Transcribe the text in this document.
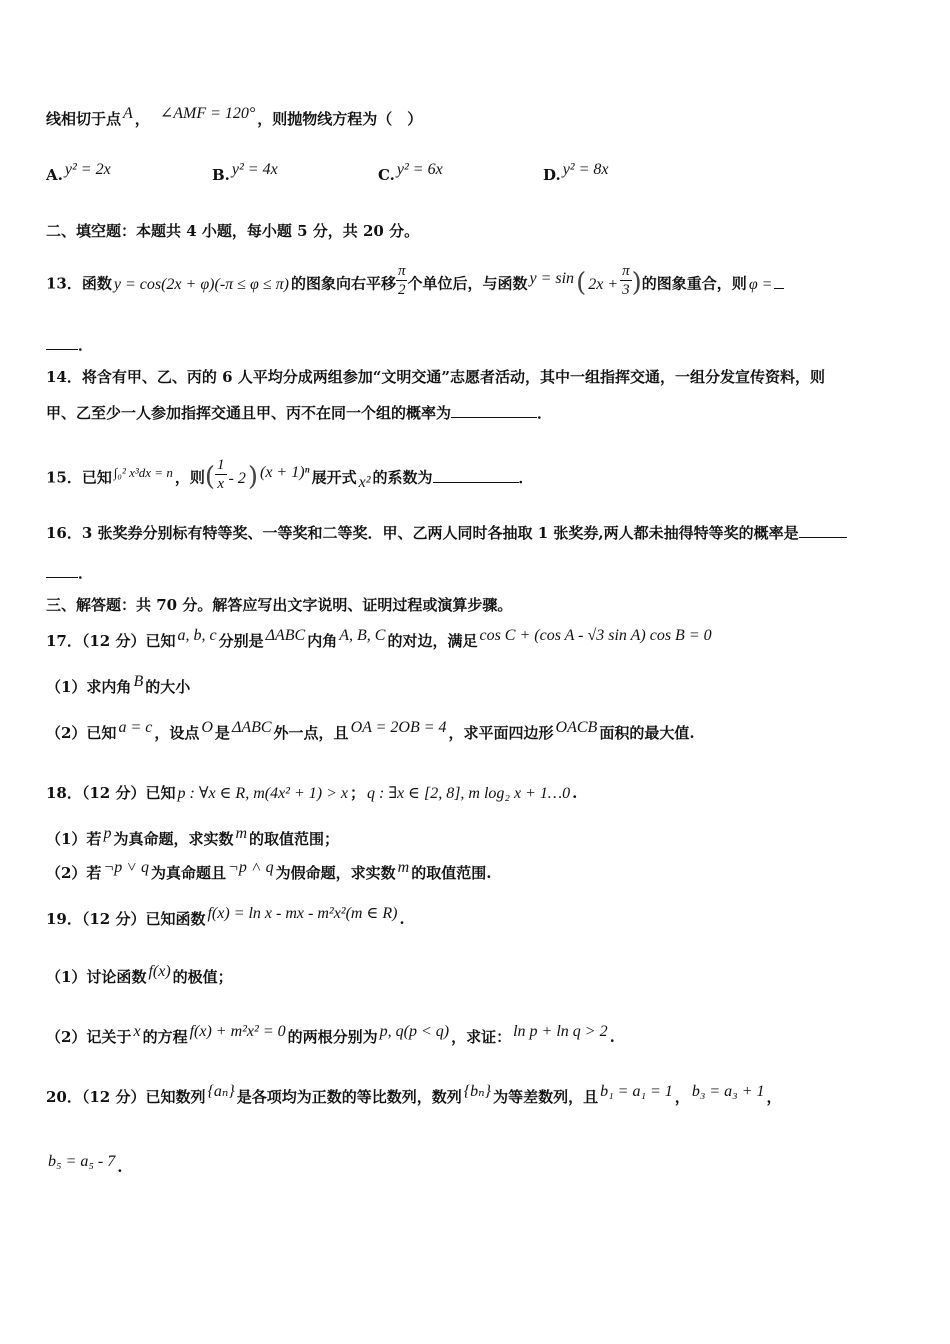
线相切于点 A ， ∠AMF = 120° ，则抛物线方程为（　）
A. y² = 2x	B. y² = 4x	C. y² = 6x	D. y² = 8x
二、填空题：本题共 4 小题，每小题 5 分，共 20 分。
13．函数 y = cos(2x + φ)(-π ≤ φ ≤ π) 的图象向右平移 $\frac{\pi}{2}$ 个单位后，与函数 y = sin( $2x + \frac{\pi}{3}$ )的图象重合，则 φ =
．
14．将含有甲、乙、丙的 6 人平均分成两组参加“文明交通”志愿者活动，其中一组指挥交通，一组分发宣传资料，则
甲、乙至少一人参加指挥交通且甲、丙不在同一个组的概率为	．
15．已知 ∫₀² x³dx = n ，则( $\frac{1}{x} - 2$) (x + 1)ⁿ 展开式 x² 的系数为	．
16．3 张奖券分别标有特等奖、一等奖和二等奖．甲、乙两人同时各抽取 1 张奖券,两人都未抽得特等奖的概率是
．
三、解答题：共 70 分。解答应写出文字说明、证明过程或演算步骤。
17．（12 分）已知 a, b, c 分别是 ΔABC 内角 A, B, C 的对边，满足 cos C + (cos A - √3 sin A) cos B = 0
（1）求内角 B 的大小
（2）已知 a = c ，设点 O 是 ΔABC 外一点，且 OA = 2OB = 4 ，求平面四边形 OACB 面积的最大值.
18．（12 分）已知 p : ∀x ∈ R, m(4x² + 1) > x ； q : ∃x ∈ [2, 8], m log₂ x + 1…0 .
（1）若 p 为真命题，求实数 m 的取值范围；
（2）若 ¬p ˅ q 为真命题且 ¬p ˄ q 为假命题，求实数 m 的取值范围.
19．（12 分）已知函数 f(x) = ln x - mx - m²x²(m ∈ R) .
（1）讨论函数 f(x) 的极值；
（2）记关于 x 的方程 f(x) + m²x² = 0 的两根分别为 p, q(p < q) ，求证： ln p + ln q > 2 .
20．（12 分）已知数列 {aₙ} 是各项均为正数的等比数列，数列 {bₙ} 为等差数列，且 b₁ = a₁ = 1 ， b₃ = a₃ + 1 ，
b₅ = a₅ - 7 .
